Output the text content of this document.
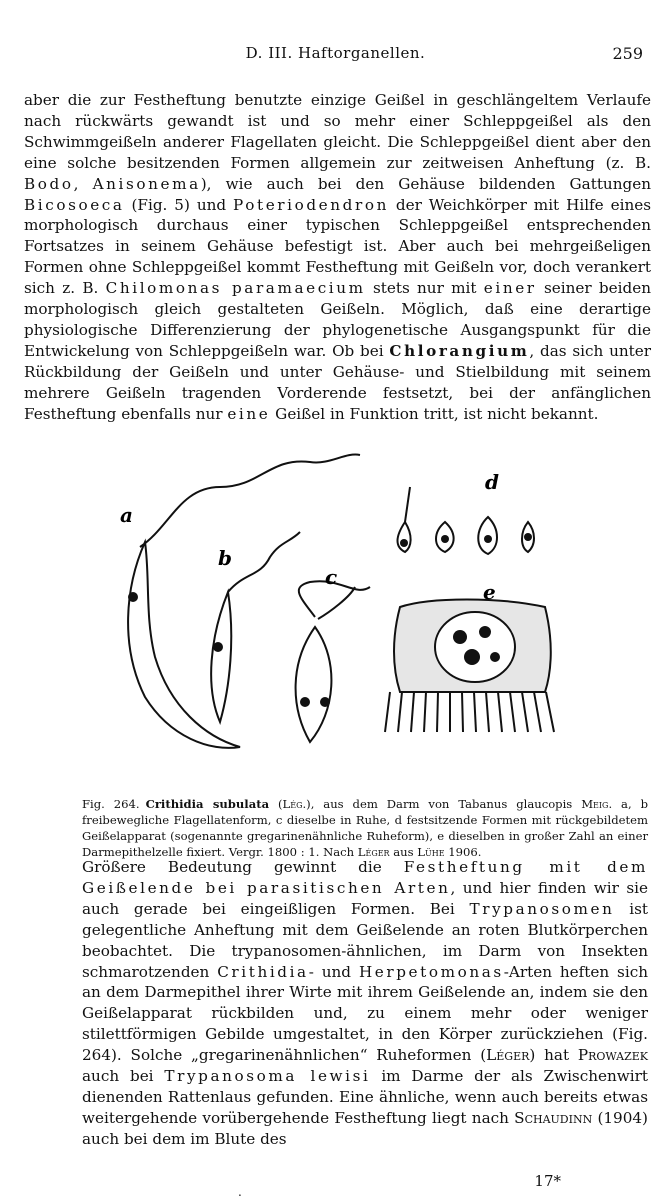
D. III. Haftorganellen.	259

aber die zur Festheftung benutzte einzige Geißel in geschlängeltem Verlaufe nach rückwärts gewandt ist und so mehr einer Schleppgeißel als den Schwimmgeißeln anderer Flagellaten gleicht. Die Schleppgeißel dient aber den eine solche besitzenden Formen allgemein zur zeitweisen Anheftung (z. B. Bodo, Anisonema), wie auch bei den Gehäuse bildenden Gattungen Bicosoeca (Fig. 5) und Poteriodendron der Weichkörper mit Hilfe eines morphologisch durchaus einer typischen Schleppgeißel entsprechenden Fortsatzes in seinem Gehäuse befestigt ist. Aber auch bei mehrgeißeligen Formen ohne Schleppgeißel kommt Festheftung mit Geißeln vor, doch verankert sich z. B. Chilomonas paramaecium stets nur mit einer seiner beiden morphologisch gleich gestalteten Geißeln. Möglich, daß eine derartige physiologische Differenzierung der phylogenetische Ausgangspunkt für die Entwickelung von Schleppgeißeln war. Ob bei Chlorangium, das sich unter Rückbildung der Geißeln und unter Gehäuse- und Stielbildung mit seinem mehrere Geißeln tragenden Vorderende festsetzt, bei der anfänglichen Festheftung ebenfalls nur eine Geißel in Funktion tritt, ist nicht bekannt.

a
b
c
d
e

Fig. 264. Crithidia subulata (Lég.), aus dem Darm von Tabanus glaucopis Meig. a, b freibewegliche Flagellatenform, c dieselbe in Ruhe, d festsitzende Formen mit rückgebildetem Geißelapparat (sogenannte gregarinenähnliche Ruheform), e dieselben in großer Zahl an einer Darmepithelzelle fixiert. Vergr. 1800 : 1. Nach Léger aus Lühe 1906.

Größere Bedeutung gewinnt die Festheftung mit dem Geißelende bei parasitischen Arten, und hier finden wir sie auch gerade bei eingeißligen Formen. Bei Trypanosomen ist gelegentliche Anheftung mit dem Geißelende an roten Blutkörperchen beobachtet. Die trypanosomen-ähnlichen, im Darm von Insekten schmarotzenden Crithidia- und Herpetomonas-Arten heften sich an dem Darmepithel ihrer Wirte mit ihrem Geißelende an, indem sie den Geißelapparat rückbilden und, zu einem mehr oder weniger stilettförmigen Gebilde umgestaltet, in den Körper zurückziehen (Fig. 264). Solche „gregarinenähnlichen“ Ruheformen (Léger) hat Prowazek auch bei Trypanosoma lewisi im Darme der als Zwischenwirt dienenden Rattenlaus gefunden. Eine ähnliche, wenn auch bereits etwas weitergehende vorübergehende Festheftung liegt nach Schaudinn (1904) auch bei dem im Blute des

17*
.
